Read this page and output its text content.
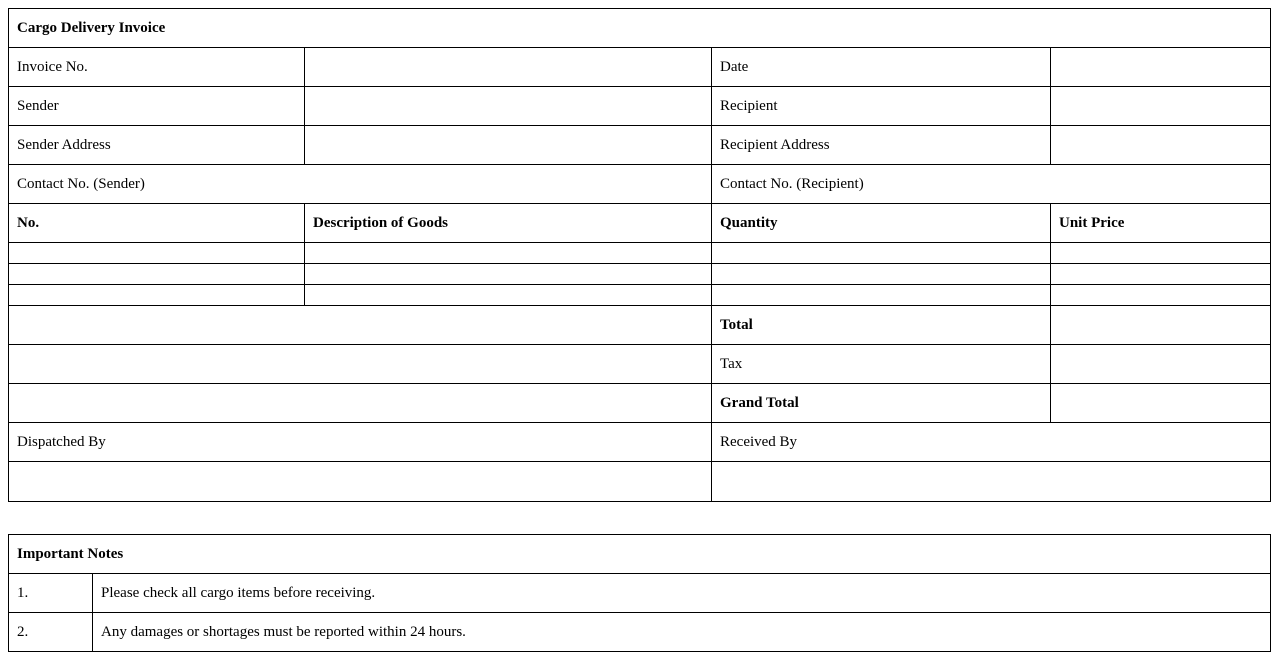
Cargo Delivery Invoice			
Invoice No.		Date	
Sender		Recipient	
Sender Address		Recipient Address	
Contact No. (Sender)		Contact No. (Recipient)	
No.	Description of Goods	Quantity	Unit Price

		Total	
		Tax	
		Grand Total	
Dispatched By		Received By	

Important Notes	
1.	Please check all cargo items before receiving.
2.	Any damages or shortages must be reported within 24 hours.
